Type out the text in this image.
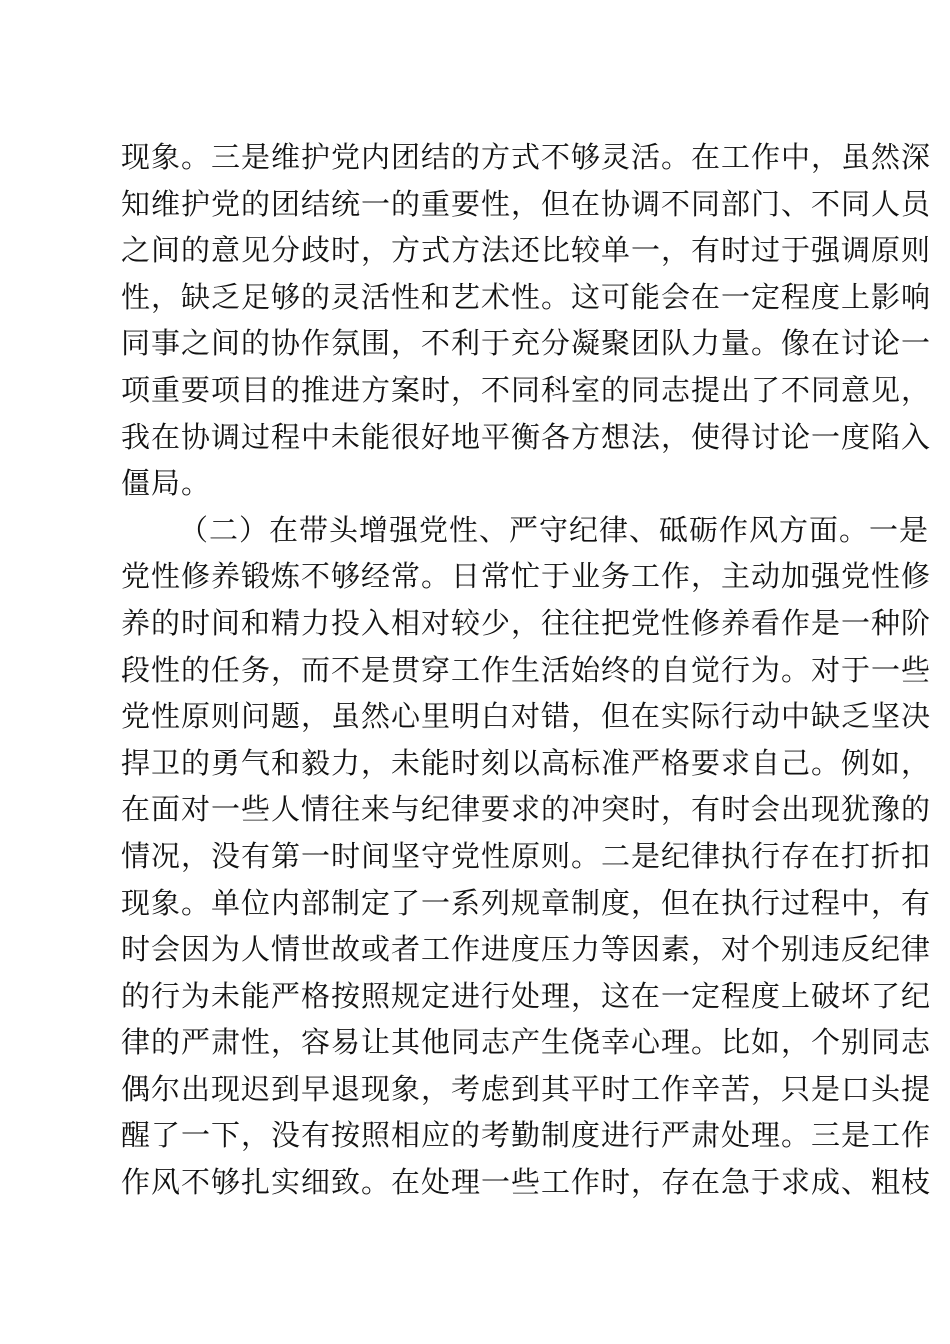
现象。三是维护党内团结的方式不够灵活。在工作中，虽然深
知维护党的团结统一的重要性，但在协调不同部门、不同人员
之间的意见分歧时，方式方法还比较单一，有时过于强调原则
性，缺乏足够的灵活性和艺术性。这可能会在一定程度上影响
同事之间的协作氛围，不利于充分凝聚团队力量。像在讨论一
项重要项目的推进方案时，不同科室的同志提出了不同意见，
我在协调过程中未能很好地平衡各方想法，使得讨论一度陷入
僵局。
（二）在带头增强党性、严守纪律、砥砺作风方面。一是
党性修养锻炼不够经常。日常忙于业务工作，主动加强党性修
养的时间和精力投入相对较少，往往把党性修养看作是一种阶
段性的任务，而不是贯穿工作生活始终的自觉行为。对于一些
党性原则问题，虽然心里明白对错，但在实际行动中缺乏坚决
捍卫的勇气和毅力，未能时刻以高标准严格要求自己。例如，
在面对一些人情往来与纪律要求的冲突时，有时会出现犹豫的
情况，没有第一时间坚守党性原则。二是纪律执行存在打折扣
现象。单位内部制定了一系列规章制度，但在执行过程中，有
时会因为人情世故或者工作进度压力等因素，对个别违反纪律
的行为未能严格按照规定进行处理，这在一定程度上破坏了纪
律的严肃性，容易让其他同志产生侥幸心理。比如，个别同志
偶尔出现迟到早退现象，考虑到其平时工作辛苦，只是口头提
醒了一下，没有按照相应的考勤制度进行严肃处理。三是工作
作风不够扎实细致。在处理一些工作时，存在急于求成、粗枝
